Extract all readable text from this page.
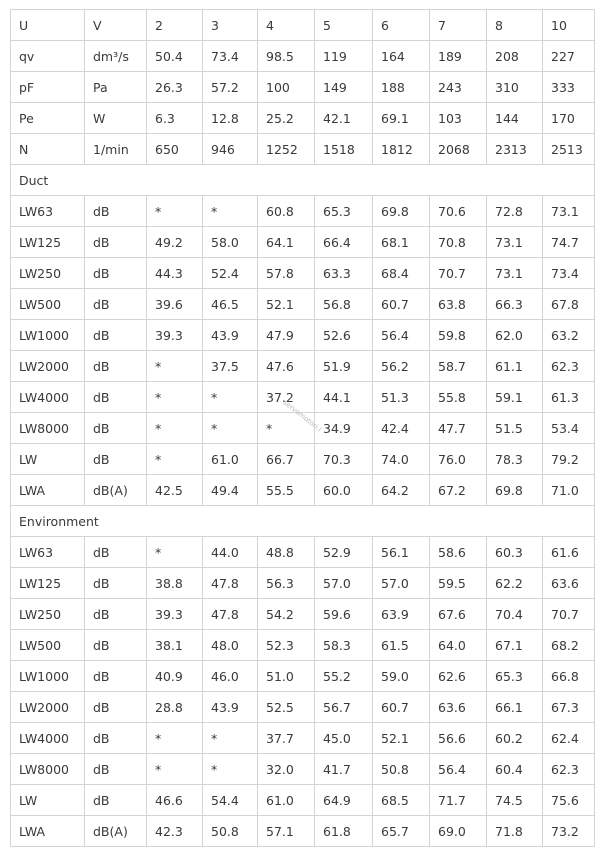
U	V	2	3	4	5	6	7	8	10
qv	dm³/s	50.4	73.4	98.5	119	164	189	208	227
pF	Pa	26.3	57.2	100	149	188	243	310	333
Pe	W	6.3	12.8	25.2	42.1	69.1	103	144	170
N	1/min	650	946	1252	1518	1812	2068	2313	2513
Duct									
LW63	dB	*	*	60.8	65.3	69.8	70.6	72.8	73.1
LW125	dB	49.2	58.0	64.1	66.4	68.1	70.8	73.1	74.7
LW250	dB	44.3	52.4	57.8	63.3	68.4	70.7	73.1	73.4
LW500	dB	39.6	46.5	52.1	56.8	60.7	63.8	66.3	67.8
LW1000	dB	39.3	43.9	47.9	52.6	56.4	59.8	62.0	63.2
LW2000	dB	*	37.5	47.6	51.9	56.2	58.7	61.1	62.3
LW4000	dB	*	*	37.2	44.1	51.3	55.8	59.1	61.3
LW8000	dB	*	*	*	34.9	42.4	47.7	51.5	53.4
LW	dB	*	61.0	66.7	70.3	74.0	76.0	78.3	79.2
LWA	dB(A)	42.5	49.4	55.5	60.0	64.2	67.2	69.8	71.0
Environment									
LW63	dB	*	44.0	48.8	52.9	56.1	58.6	60.3	61.6
LW125	dB	38.8	47.8	56.3	57.0	57.0	59.5	62.2	63.6
LW250	dB	39.3	47.8	54.2	59.6	63.9	67.6	70.4	70.7
LW500	dB	38.1	48.0	52.3	58.3	61.5	64.0	67.1	68.2
LW1000	dB	40.9	46.0	51.0	55.2	59.0	62.6	65.3	66.8
LW2000	dB	28.8	43.9	52.5	56.7	60.7	63.6	66.1	67.3
LW4000	dB	*	*	37.7	45.0	52.1	56.6	60.2	62.4
LW8000	dB	*	*	32.0	41.7	50.8	56.4	60.4	62.3
LW	dB	46.6	54.4	61.0	64.9	68.5	71.7	74.5	75.6
LWA	dB(A)	42.3	50.8	57.1	61.8	65.7	69.0	71.8	73.2
servomotori.i
